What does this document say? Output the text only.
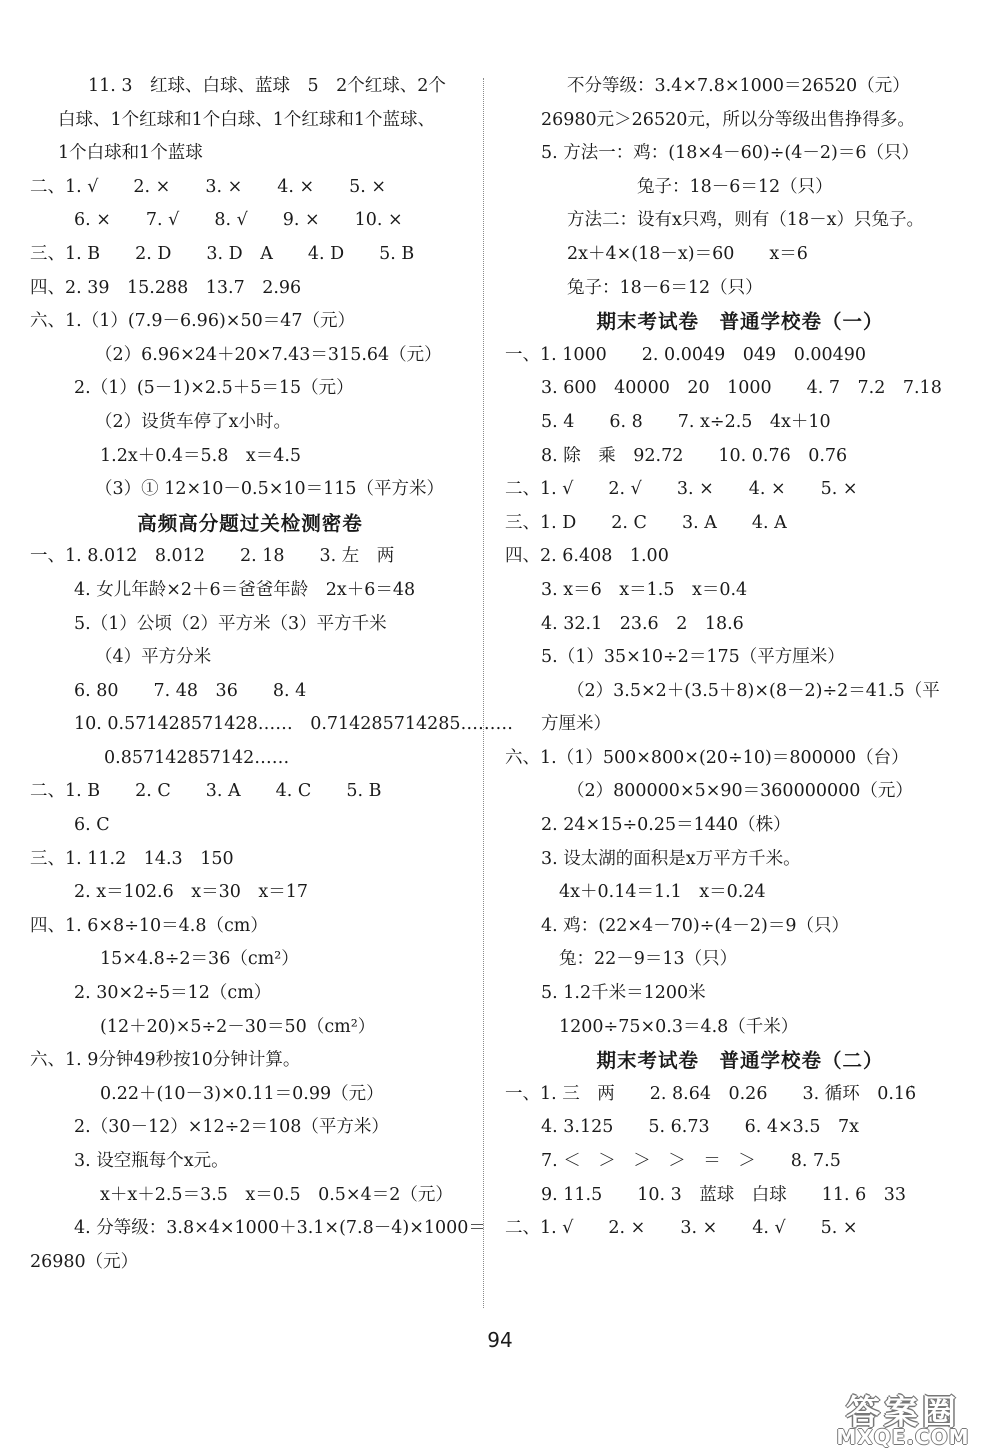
11. 3　红球、白球、蓝球　5　2个红球、2个
白球、1个红球和1个白球、1个红球和1个蓝球、
1个白球和1个蓝球
二、1. √　　2. ×　　3. ×　　4. ×　　5. ×
6. ×　　7. √　　8. √　　9. ×　　10. ×
三、1. B　　2. D　　3. D　A　　4. D　　5. B
四、2. 39　15.288　13.7　2.96
六、1.（1）(7.9－6.96)×50＝47（元）
（2）6.96×24＋20×7.43＝315.64（元）
2.（1）(5－1)×2.5＋5＝15（元）
（2）设货车停了x小时。
1.2x＋0.4＝5.8　x＝4.5
（3）① 12×10－0.5×10＝115（平方米）
高频高分题过关检测密卷
一、1. 8.012̇　8.012　　2. 18　　3. 左　两
4. 女儿年龄×2＋6＝爸爸年龄　2x＋6＝48
5.（1）公顷（2）平方米（3）平方千米
（4）平方分米
6. 80　　7. 48　36　　8. 4
10. 0.571428571428……　0.714285714285………
0.857142857142……
二、1. B　　2. C　　3. A　　4. C　　5. B
6. C
三、1. 11.2　14.3　150
2. x＝102.6　x＝30　x＝17
四、1. 6×8÷10＝4.8（cm）
15×4.8÷2＝36（cm²）
2. 30×2÷5＝12（cm）
(12＋20)×5÷2－30＝50（cm²）
六、1. 9分钟49秒按10分钟计算。
0.22＋(10－3)×0.11＝0.99（元）
2.（30－12）×12÷2＝108（平方米）
3. 设空瓶每个x元。
x＋x＋2.5＝3.5　x＝0.5　0.5×4＝2（元）
4. 分等级：3.8×4×1000＋3.1×(7.8－4)×1000＝
26980（元）
不分等级：3.4×7.8×1000＝26520（元）
26980元＞26520元，所以分等级出售挣得多。
5. 方法一：鸡：(18×4－60)÷(4－2)＝6（只）
兔子：18－6＝12（只）
方法二：设有x只鸡，则有（18－x）只兔子。
2x＋4×(18－x)＝60　　x＝6
兔子：18－6＝12（只）
期末考试卷　普通学校卷（一）
一、1. 1000　　2. 0.00̇49　049　0.00490
3. 600　40000　20　1000　　4. 7　7.2　7.18
5. 4　　6. 8　　7. x÷2.5　4x＋10
8. 除　乘　92.72　　10. 0.7̇6̇　0.76
二、1. √　　2. √　　3. ×　　4. ×　　5. ×
三、1. D　　2. C　　3. A　　4. A
四、2. 6.408　1.00
3. x＝6　x＝1.5　x＝0.4
4. 32.1　23.6　2　18.6
5.（1）35×10÷2＝175（平方厘米）
（2）3.5×2＋(3.5＋8)×(8－2)÷2＝41.5（平
方厘米）
六、1.（1）500×800×(20÷10)＝800000（台）
（2）800000×5×90＝360000000（元）
2. 24×15÷0.25＝1440（株）
3. 设太湖的面积是x万平方千米。
4x＋0.14＝1.1　x＝0.24
4. 鸡：(22×4－70)÷(4－2)＝9（只）
兔：22－9＝13（只）
5. 1.2千米＝1200米
1200÷75×0.3＝4.8（千米）
期末考试卷　普通学校卷（二）
一、1. 三　两　　2. 8.64　0.26　　3. 循环　0.16̇
4. 3.125　　5. 6.73　　6. 4×3.5　7x
7. ＜　＞　＞　＞　＝　＞　　8. 7.5
9. 11.5　　10. 3　蓝球　白球　　11. 6　33
二、1. √　　2. ×　　3. ×　　4. √　　5. ×
94
答案圈
MXQE.COM
